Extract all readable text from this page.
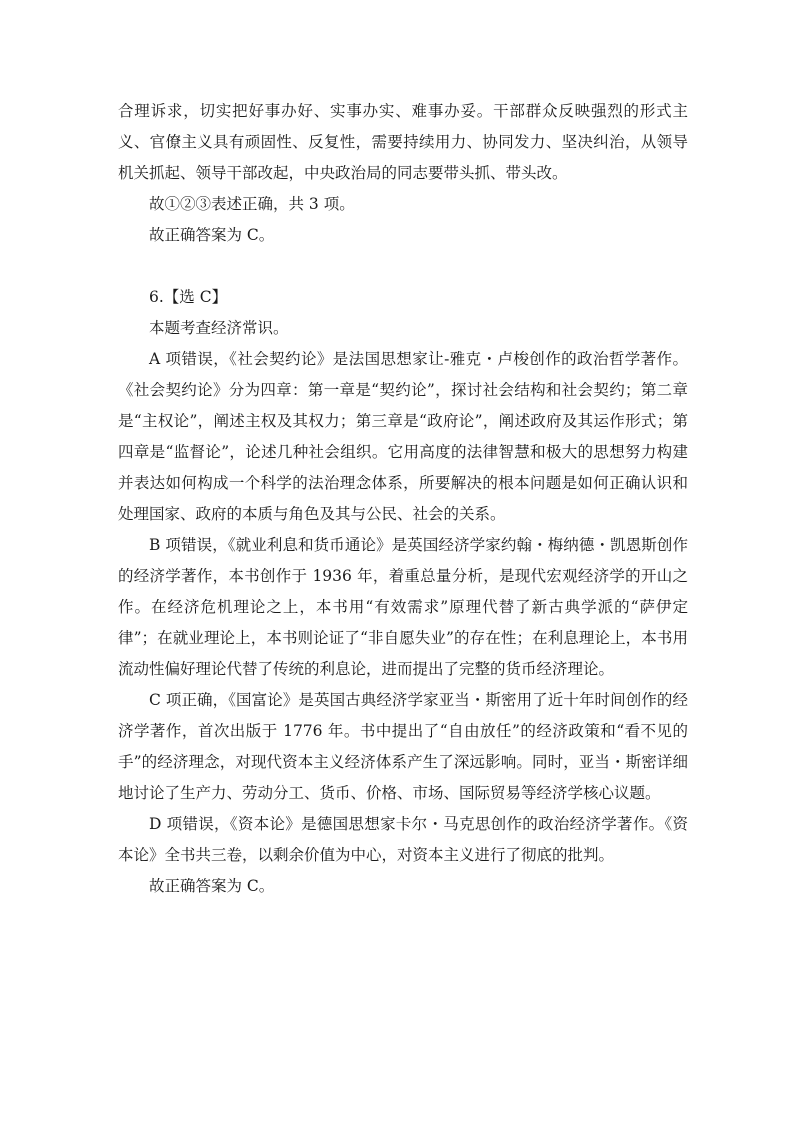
合理诉求，切实把好事办好、实事办实、难事办妥。干部群众反映强烈的形式主义、官僚主义具有顽固性、反复性，需要持续用力、协同发力、坚决纠治，从领导机关抓起、领导干部改起，中央政治局的同志要带头抓、带头改。

故①②③表述正确，共 3 项。

故正确答案为 C。

6.【选 C】

本题考查经济常识。

A 项错误，《社会契约论》是法国思想家让-雅克・卢梭创作的政治哲学著作。《社会契约论》分为四章：第一章是“契约论”，探讨社会结构和社会契约；第二章是“主权论”，阐述主权及其权力；第三章是“政府论”，阐述政府及其运作形式；第四章是“监督论”，论述几种社会组织。它用高度的法律智慧和极大的思想努力构建并表达如何构成一个科学的法治理念体系，所要解决的根本问题是如何正确认识和处理国家、政府的本质与角色及其与公民、社会的关系。

B 项错误，《就业利息和货币通论》是英国经济学家约翰・梅纳德・凯恩斯创作的经济学著作，本书创作于 1936 年，着重总量分析，是现代宏观经济学的开山之作。在经济危机理论之上，本书用“有效需求”原理代替了新古典学派的“萨伊定律”；在就业理论上，本书则论证了“非自愿失业”的存在性；在利息理论上，本书用流动性偏好理论代替了传统的利息论，进而提出了完整的货币经济理论。

C 项正确，《国富论》是英国古典经济学家亚当・斯密用了近十年时间创作的经济学著作，首次出版于 1776 年。书中提出了“自由放任”的经济政策和“看不见的手”的经济理念，对现代资本主义经济体系产生了深远影响。同时，亚当・斯密详细地讨论了生产力、劳动分工、货币、价格、市场、国际贸易等经济学核心议题。

D 项错误，《资本论》是德国思想家卡尔・马克思创作的政治经济学著作。《资本论》全书共三卷，以剩余价值为中心，对资本主义进行了彻底的批判。

故正确答案为 C。
